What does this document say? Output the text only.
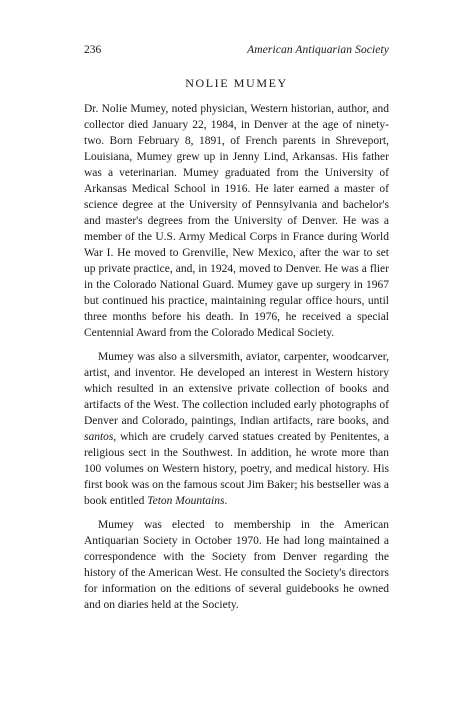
236	American Antiquarian Society
NOLIE MUMEY

Dr. Nolie Mumey, noted physician, Western historian, author, and collector died January 22, 1984, in Denver at the age of ninety-two. Born February 8, 1891, of French parents in Shreveport, Louisiana, Mumey grew up in Jenny Lind, Arkansas. His father was a veterinarian. Mumey graduated from the University of Arkansas Medical School in 1916. He later earned a master of science degree at the University of Pennsylvania and bachelor's and master's degrees from the University of Denver. He was a member of the U.S. Army Medical Corps in France during World War I. He moved to Grenville, New Mexico, after the war to set up private practice, and, in 1924, moved to Denver. He was a flier in the Colorado National Guard. Mumey gave up surgery in 1967 but continued his practice, maintaining regular office hours, until three months before his death. In 1976, he received a special Centennial Award from the Colorado Medical Society.

Mumey was also a silversmith, aviator, carpenter, woodcarver, artist, and inventor. He developed an interest in Western history which resulted in an extensive private collection of books and artifacts of the West. The collection included early photographs of Denver and Colorado, paintings, Indian artifacts, rare books, and santos, which are crudely carved statues created by Penitentes, a religious sect in the Southwest. In addition, he wrote more than 100 volumes on Western history, poetry, and medical history. His first book was on the famous scout Jim Baker; his bestseller was a book entitled Teton Mountains.

Mumey was elected to membership in the American Antiquarian Society in October 1970. He had long maintained a correspondence with the Society from Denver regarding the history of the American West. He consulted the Society's directors for information on the editions of several guidebooks he owned and on diaries held at the Society.
